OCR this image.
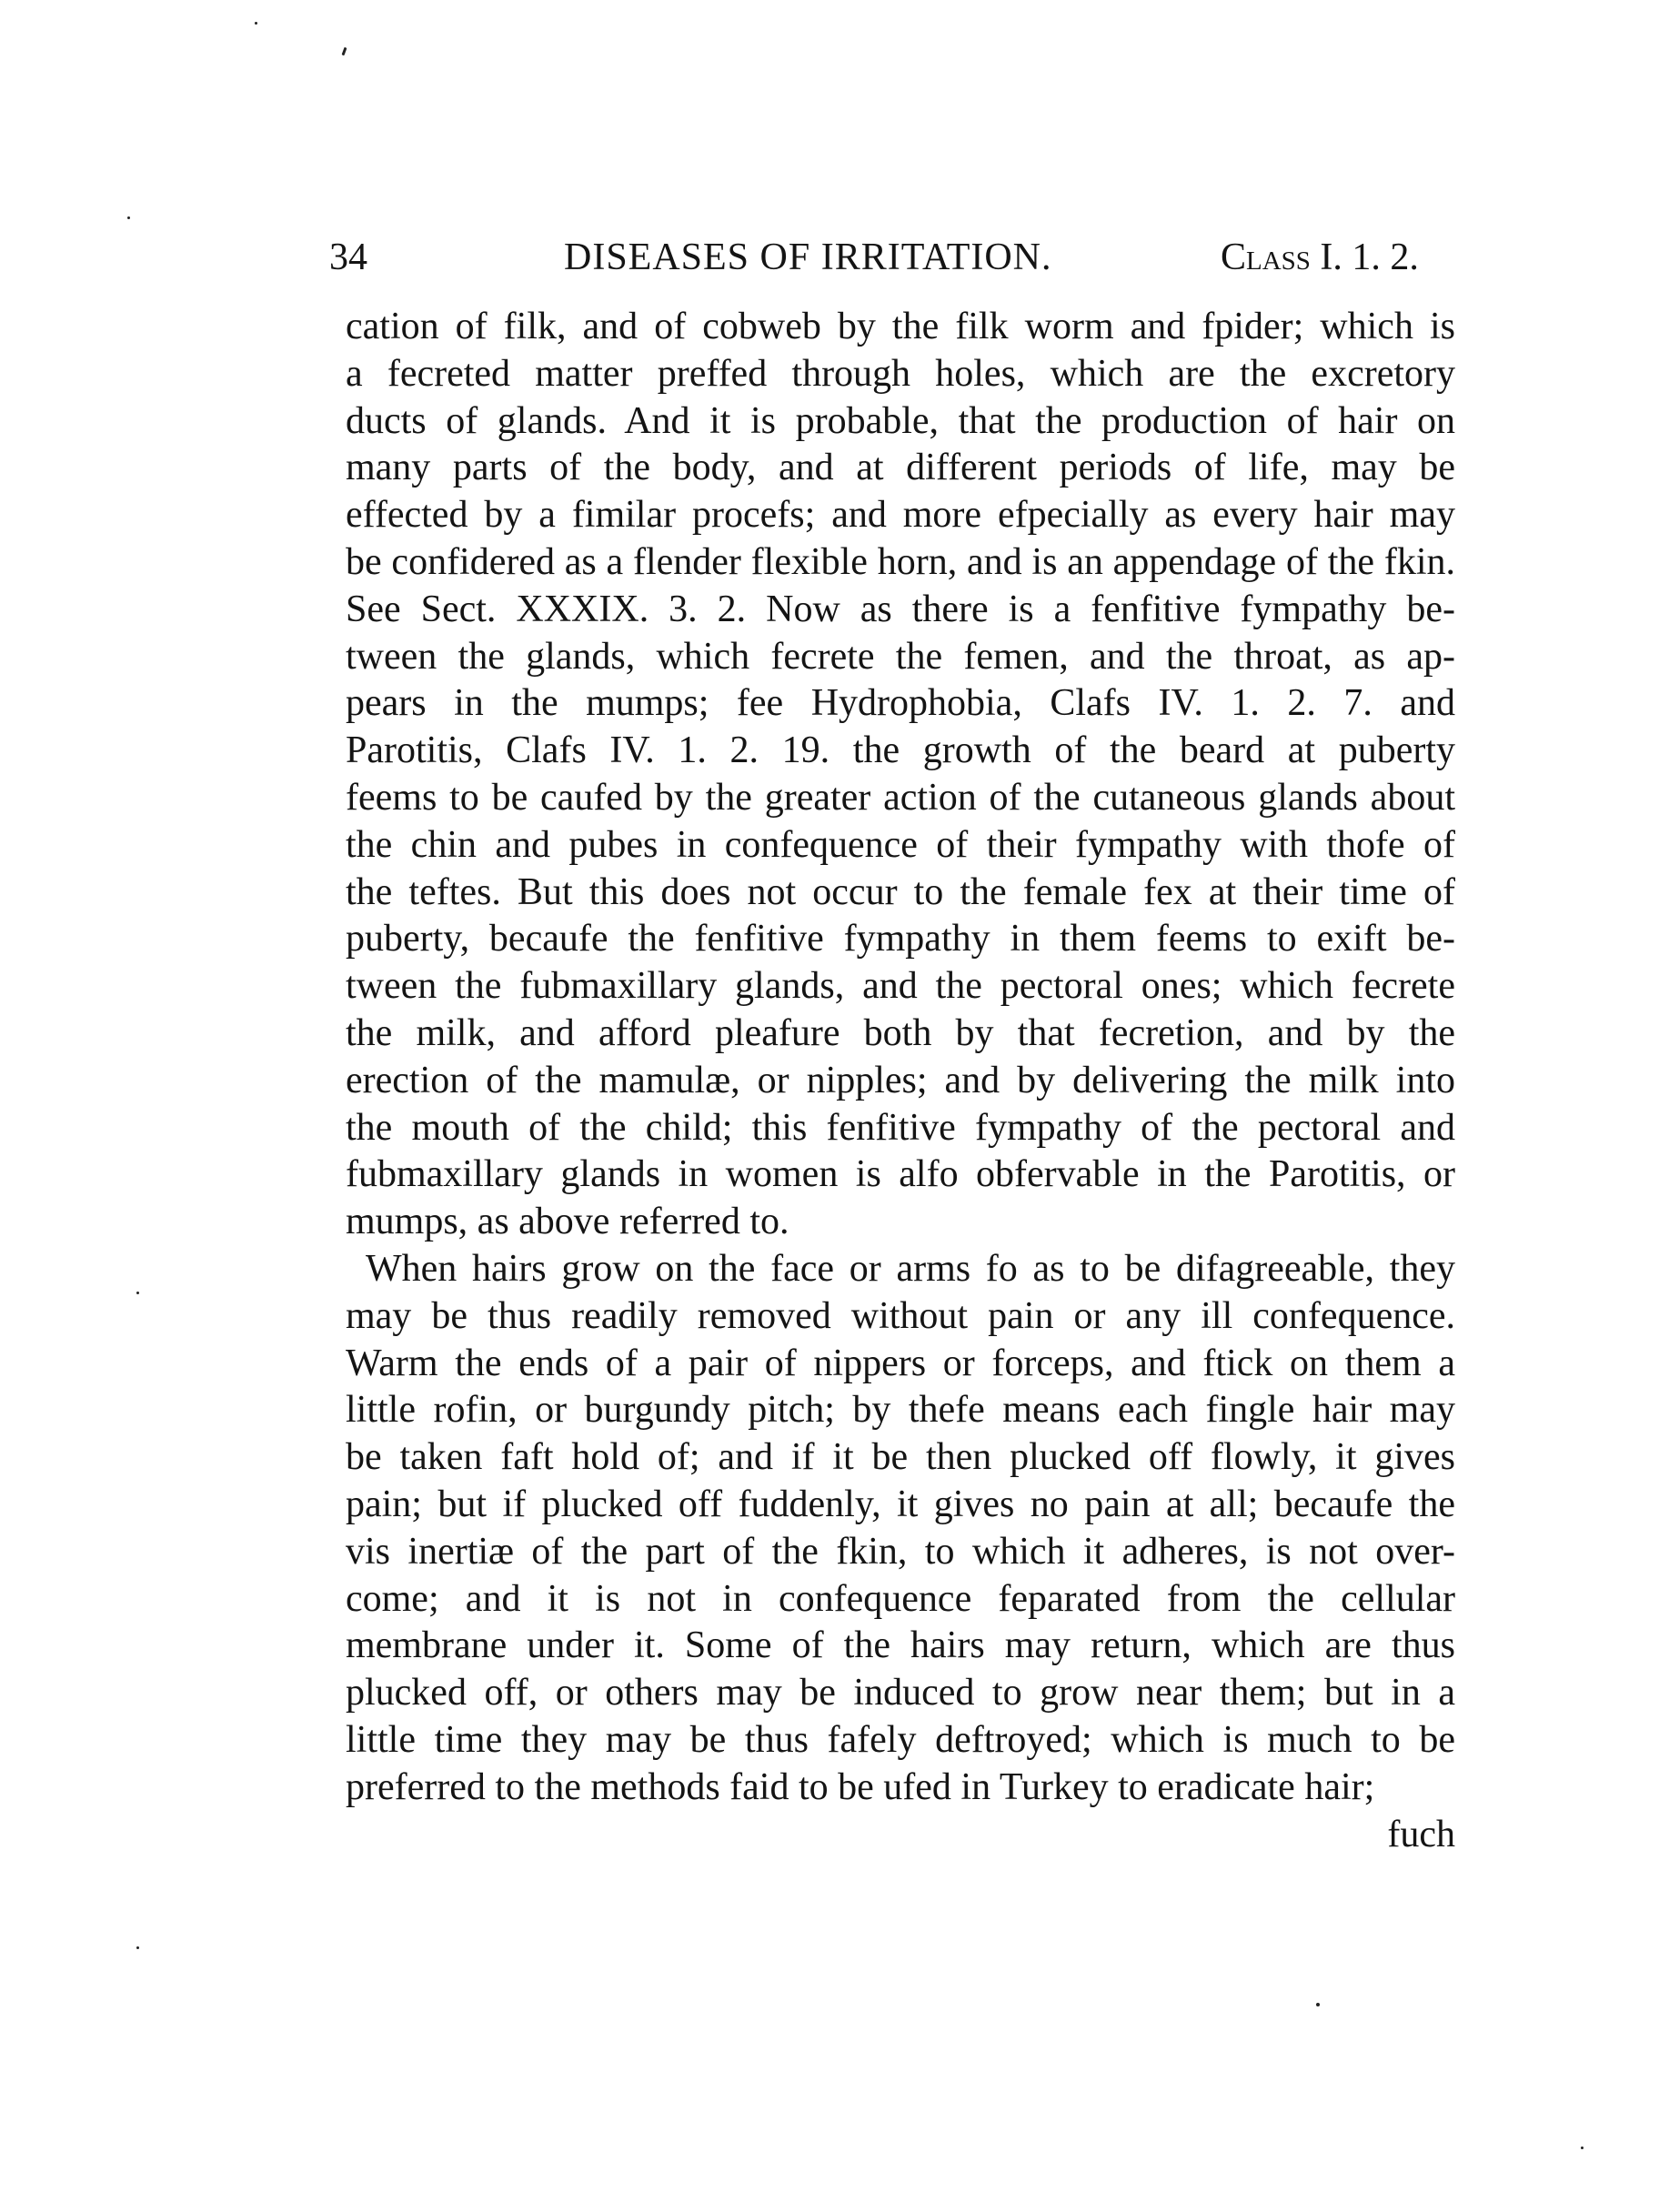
34	DISEASES OF IRRITATION.	Class I. 1. 2.
cation of filk, and of cobweb by the filk worm and fpider; which is
a fecreted matter preffed through holes, which are the excretory
ducts of glands. And it is probable, that the production of hair on
many parts of the body, and at different periods of life, may be
effected by a fimilar procefs; and more efpecially as every hair may
be confidered as a flender flexible horn, and is an appendage of the fkin.
See Sect. XXXIX. 3. 2. Now as there is a fenfitive fympathy be-
tween the glands, which fecrete the femen, and the throat, as ap-
pears in the mumps; fee Hydrophobia, Clafs IV. 1. 2. 7. and
Parotitis, Clafs IV. 1. 2. 19. the growth of the beard at puberty
feems to be caufed by the greater action of the cutaneous glands about
the chin and pubes in confequence of their fympathy with thofe of
the teftes. But this does not occur to the female fex at their time of
puberty, becaufe the fenfitive fympathy in them feems to exift be-
tween the fubmaxillary glands, and the pectoral ones; which fecrete
the milk, and afford pleafure both by that fecretion, and by the
erection of the mamulæ, or nipples; and by delivering the milk into
the mouth of the child; this fenfitive fympathy of the pectoral and
fubmaxillary glands in women is alfo obfervable in the Parotitis, or
mumps, as above referred to.
When hairs grow on the face or arms fo as to be difagreeable, they
may be thus readily removed without pain or any ill confequence.
Warm the ends of a pair of nippers or forceps, and ftick on them a
little rofin, or burgundy pitch; by thefe means each fingle hair may
be taken faft hold of; and if it be then plucked off flowly, it gives
pain; but if plucked off fuddenly, it gives no pain at all; becaufe the
vis inertiæ of the part of the fkin, to which it adheres, is not over-
come; and it is not in confequence feparated from the cellular
membrane under it. Some of the hairs may return, which are thus
plucked off, or others may be induced to grow near them; but in a
little time they may be thus fafely deftroyed; which is much to be
preferred to the methods faid to be ufed in Turkey to eradicate hair;
fuch
